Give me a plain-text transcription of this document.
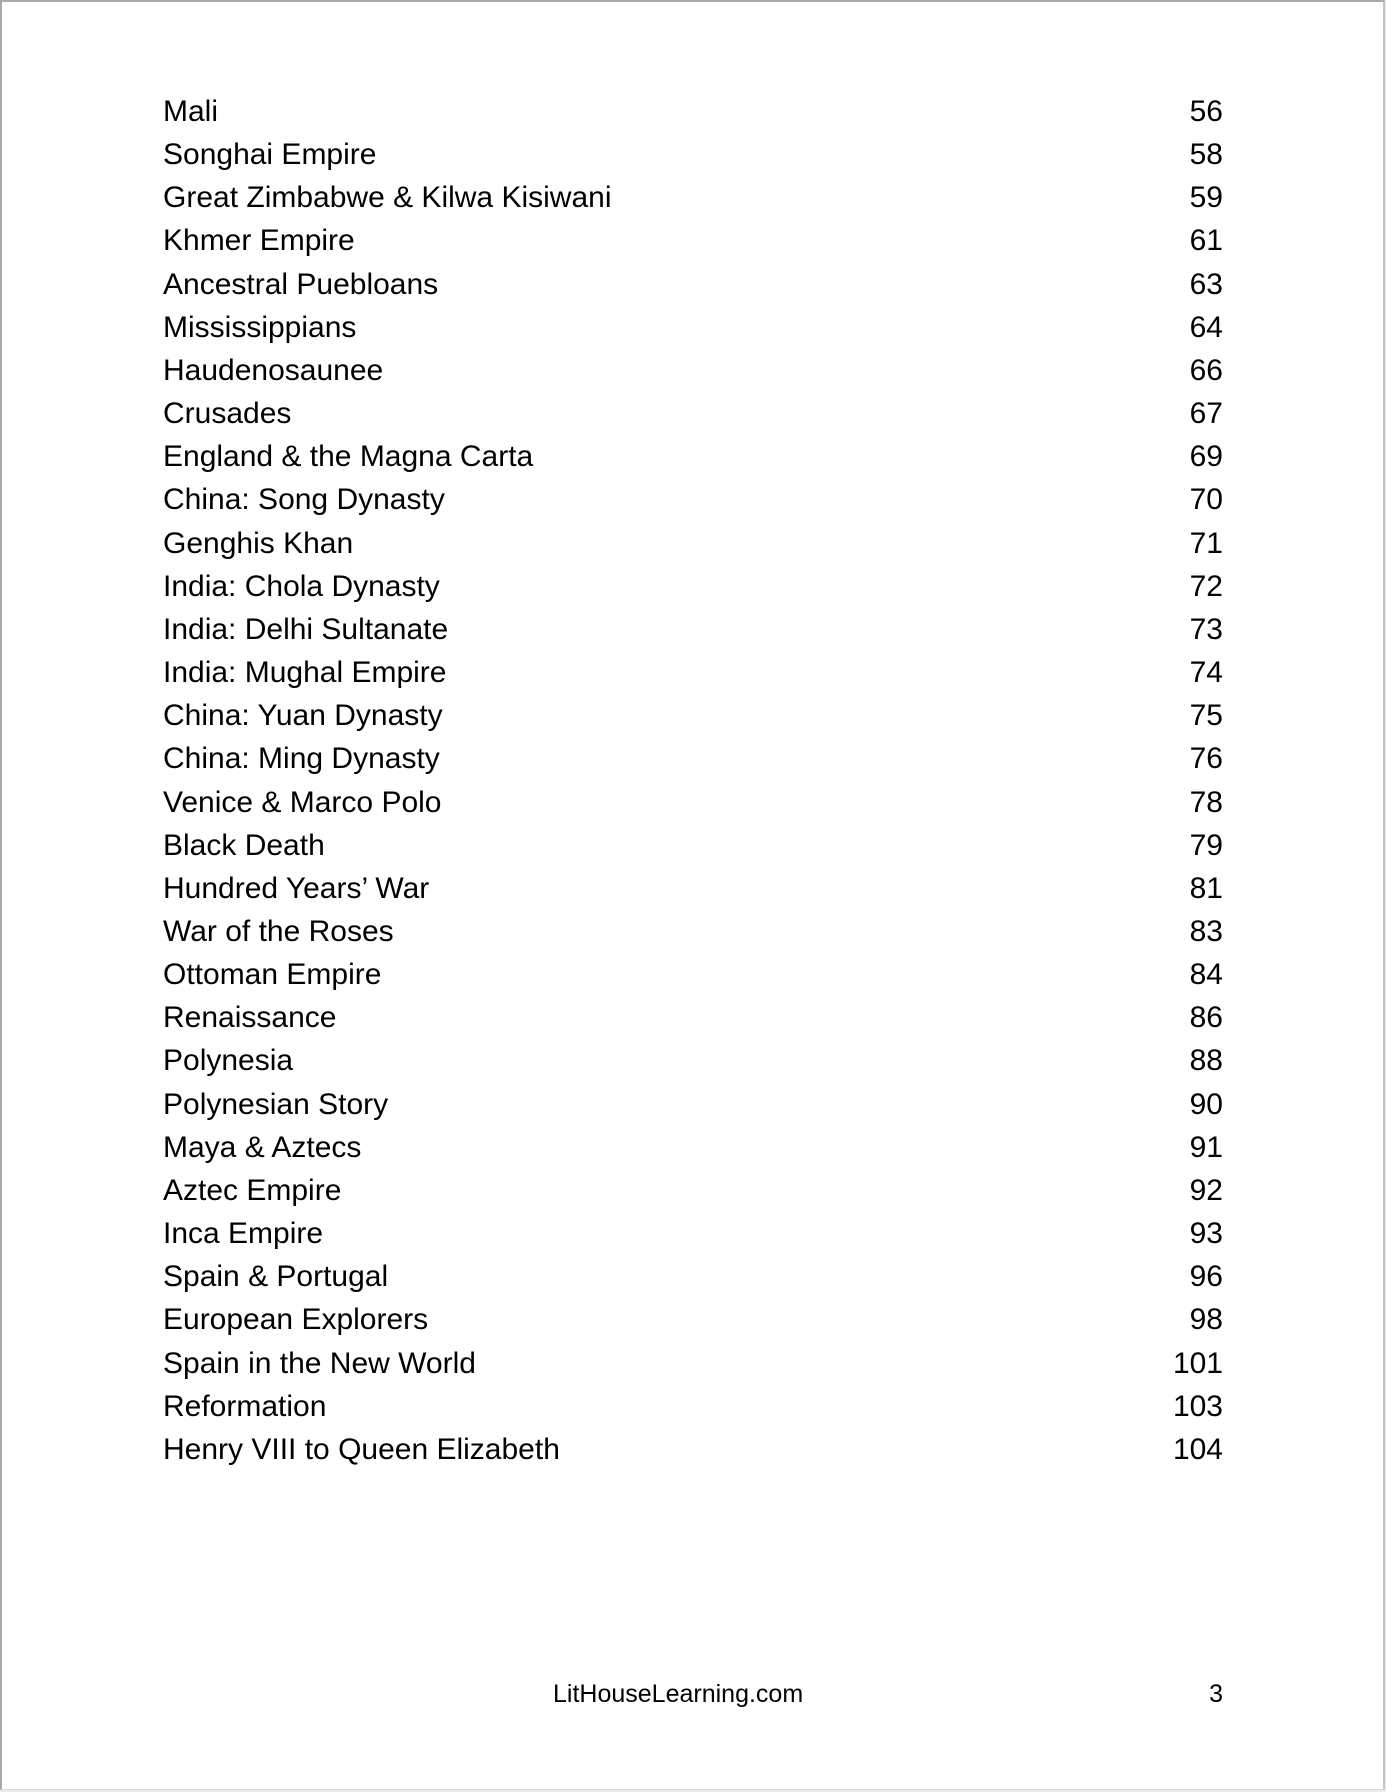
Mali	56
Songhai Empire	58
Great Zimbabwe & Kilwa Kisiwani	59
Khmer Empire	61
Ancestral Puebloans	63
Mississippians	64
Haudenosaunee	66
Crusades	67
England & the Magna Carta	69
China: Song Dynasty	70
Genghis Khan	71
India: Chola Dynasty	72
India: Delhi Sultanate	73
India: Mughal Empire	74
China: Yuan Dynasty	75
China: Ming Dynasty	76
Venice & Marco Polo	78
Black Death	79
Hundred Years’ War	81
War of the Roses	83
Ottoman Empire	84
Renaissance	86
Polynesia	88
Polynesian Story	90
Maya & Aztecs	91
Aztec Empire	92
Inca Empire	93
Spain & Portugal	96
European Explorers	98
Spain in the New World	101
Reformation	103
Henry VIII to Queen Elizabeth	104
LitHouseLearning.com	3
